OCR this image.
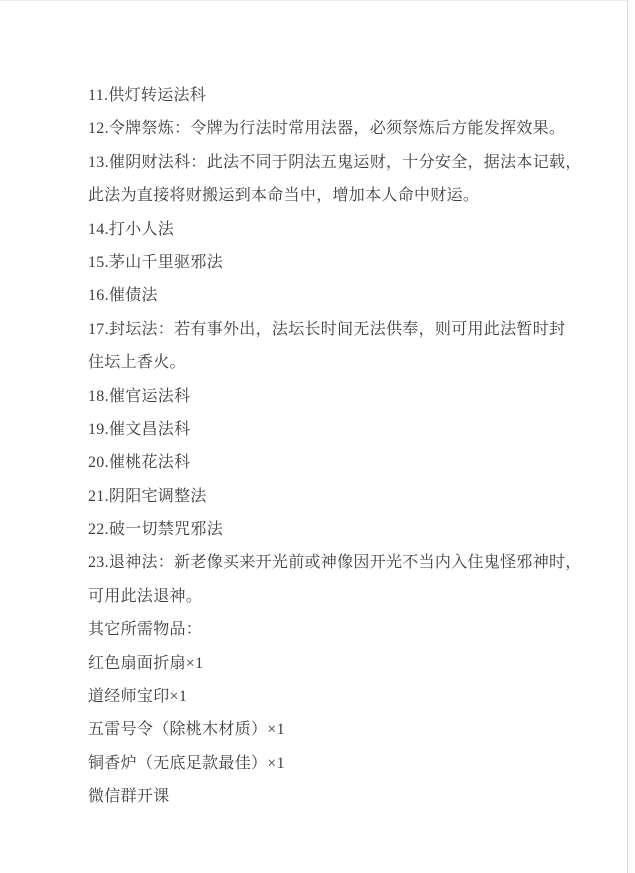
11.供灯转运法科
12.令牌祭炼：令牌为行法时常用法器，必须祭炼后方能发挥效果。
13.催阴财法科：此法不同于阴法五鬼运财，十分安全，据法本记载，
此法为直接将财搬运到本命当中，增加本人命中财运。
14.打小人法
15.茅山千里驱邪法
16.催债法
17.封坛法：若有事外出，法坛长时间无法供奉，则可用此法暂时封
住坛上香火。
18.催官运法科
19.催文昌法科
20.催桃花法科
21.阴阳宅调整法
22.破一切禁咒邪法
23.退神法：新老像买来开光前或神像因开光不当内入住鬼怪邪神时，
可用此法退神。
其它所需物品：
红色扇面折扇×1
道经师宝印×1
五雷号令（除桃木材质）×1
铜香炉（无底足款最佳）×1
微信群开课
